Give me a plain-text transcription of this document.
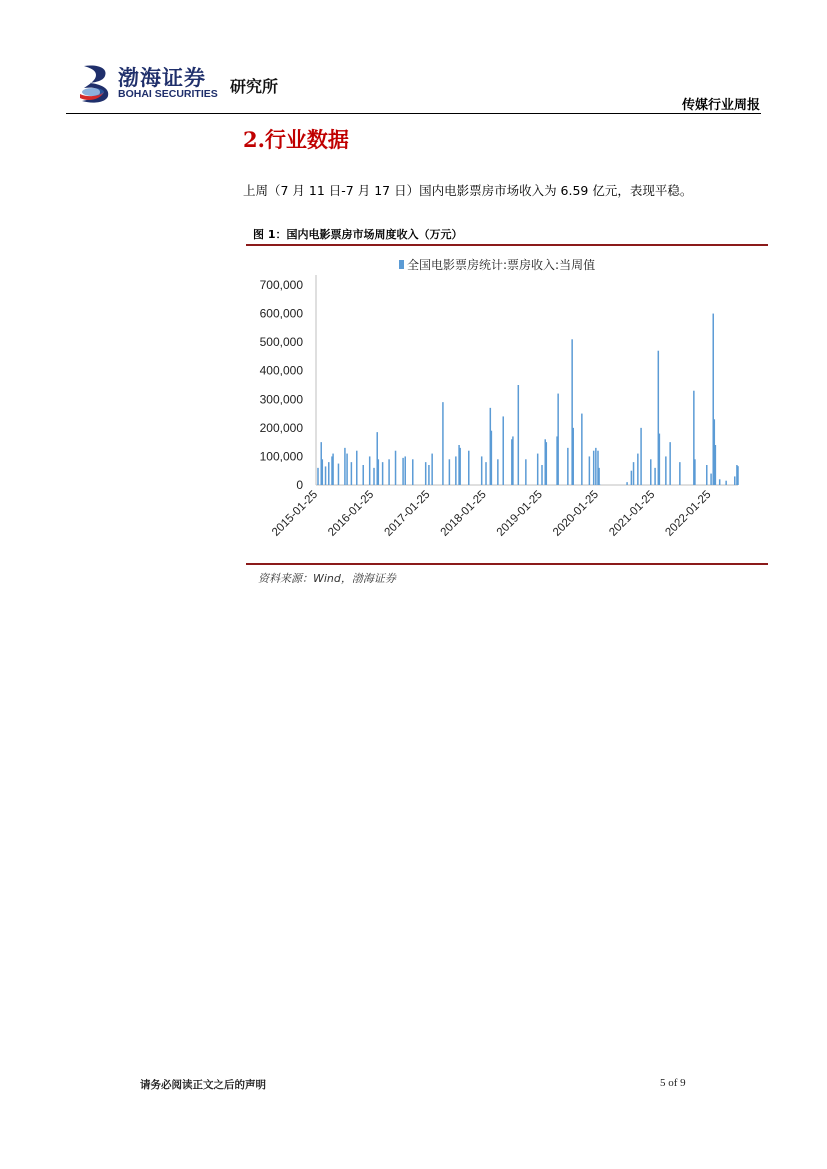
渤海证券
BOHAI SECURITIES 研究所
传媒行业周报
2.行业数据
上周（7 月 11 日-7 月 17 日）国内电影票房市场收入为 6.59 亿元，表现平稳。
图 1：国内电影票房市场周度收入（万元）
全国电影票房统计:票房收入:当周值
0
100,000
200,000
300,000
400,000
500,000
600,000
700,000
2015-01-25 2016-01-25 2017-01-25 2018-01-25 2019-01-25 2020-01-25 2021-01-25 2022-01-25
资料来源：Wind，渤海证券
请务必阅读正文之后的声明	5 of 9
